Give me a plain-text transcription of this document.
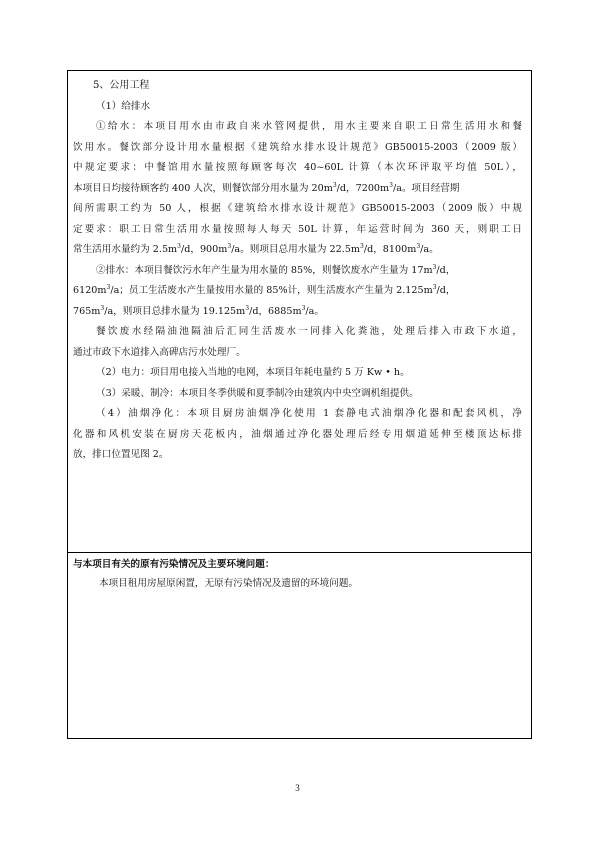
5、公用工程
（1）给排水
①给水：本项目用水由市政自来水管网提供，用水主要来自职工日常生活用水和餐
饮用水。餐饮部分设计用水量根据《建筑给水排水设计规范》GB50015-2003（2009 版）
中规定要求：中餐馆用水量按照每顾客每次 40~60L 计算（本次环评取平均值 50L），
本项目日均接待顾客约 400 人次，则餐饮部分用水量为 $20m^3/d$，$7200m^3/a$。项目经营期
间所需职工约为 50 人，根据《建筑给水排水设计规范》GB50015-2003（2009 版）中规
定要求：职工日常生活用水量按照每人每天 50L 计算，年运营时间为 360 天，则职工日
常生活用水量约为 $2.5m^3/d$，$900m^3/a$。则项目总用水量为 $22.5m^3/d$，$8100m^3/a$。
②排水：本项目餐饮污水年产生量为用水量的 85%，则餐饮废水产生量为 $17m^3/d$，
$6120m^3/a$；员工生活废水产生量按用水量的 85%计，则生活废水产生量为 $2.125m^3/d$，
$765m^3/a$，则项目总排水量为 $19.125m^3/d$，$6885m^3/a$。
餐饮废水经隔油池隔油后汇同生活废水一同排入化粪池，处理后排入市政下水道，
通过市政下水道排入高碑店污水处理厂。
（2）电力：项目用电接入当地的电网，本项目年耗电量约 5 万 Kw • h。
（3）采暖、制冷：本项目冬季供暖和夏季制冷由建筑内中央空调机组提供。
（4）油烟净化：本项目厨房油烟净化使用 1 套静电式油烟净化器和配套风机，净
化器和风机安装在厨房天花板内，油烟通过净化器处理后经专用烟道延伸至楼顶达标排
放，排口位置见图 2。
与本项目有关的原有污染情况及主要环境问题：
本项目租用房屋原闲置，无原有污染情况及遗留的环境问题。
3
